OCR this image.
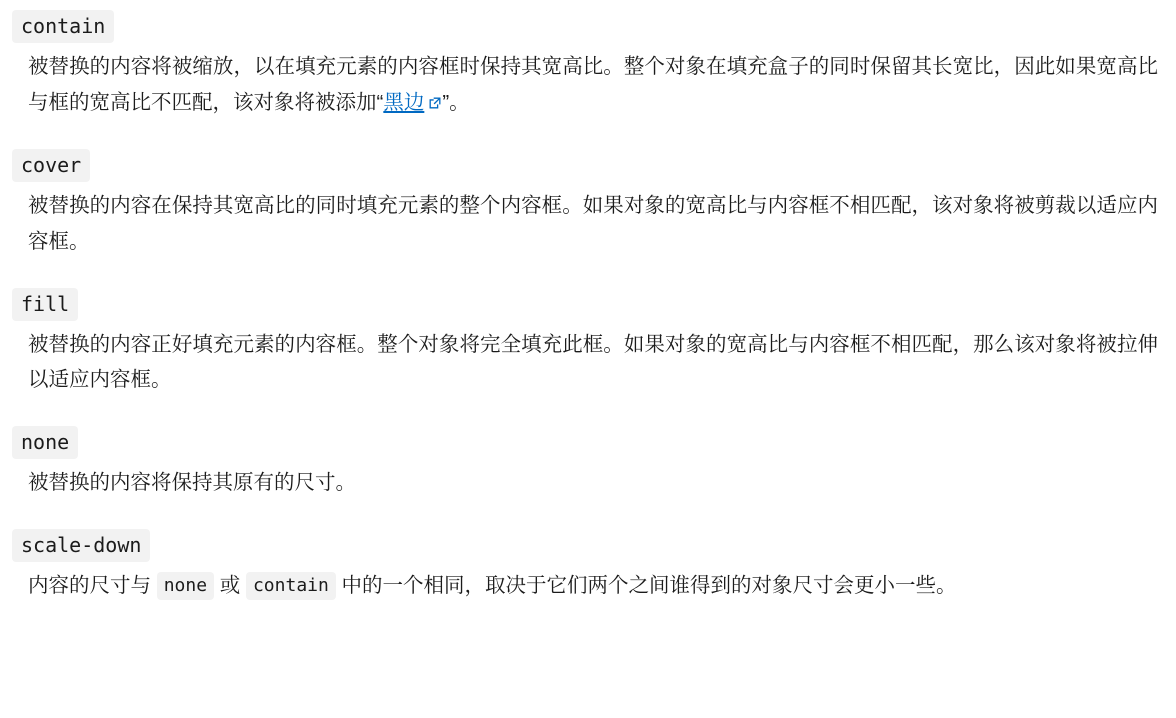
contain

被替换的内容将被缩放，以在填充元素的内容框时保持其宽高比。整个对象在填充盒子的同时保留其长宽比，因此如果宽高比与框的宽高比不匹配，该对象将被添加“黑边 ”。

cover

被替换的内容在保持其宽高比的同时填充元素的整个内容框。如果对象的宽高比与内容框不相匹配，该对象将被剪裁以适应内容框。

fill

被替换的内容正好填充元素的内容框。整个对象将完全填充此框。如果对象的宽高比与内容框不相匹配，那么该对象将被拉伸以适应内容框。

none

被替换的内容将保持其原有的尺寸。

scale-down

内容的尺寸与 none 或 contain 中的一个相同，取决于它们两个之间谁得到的对象尺寸会更小一些。
